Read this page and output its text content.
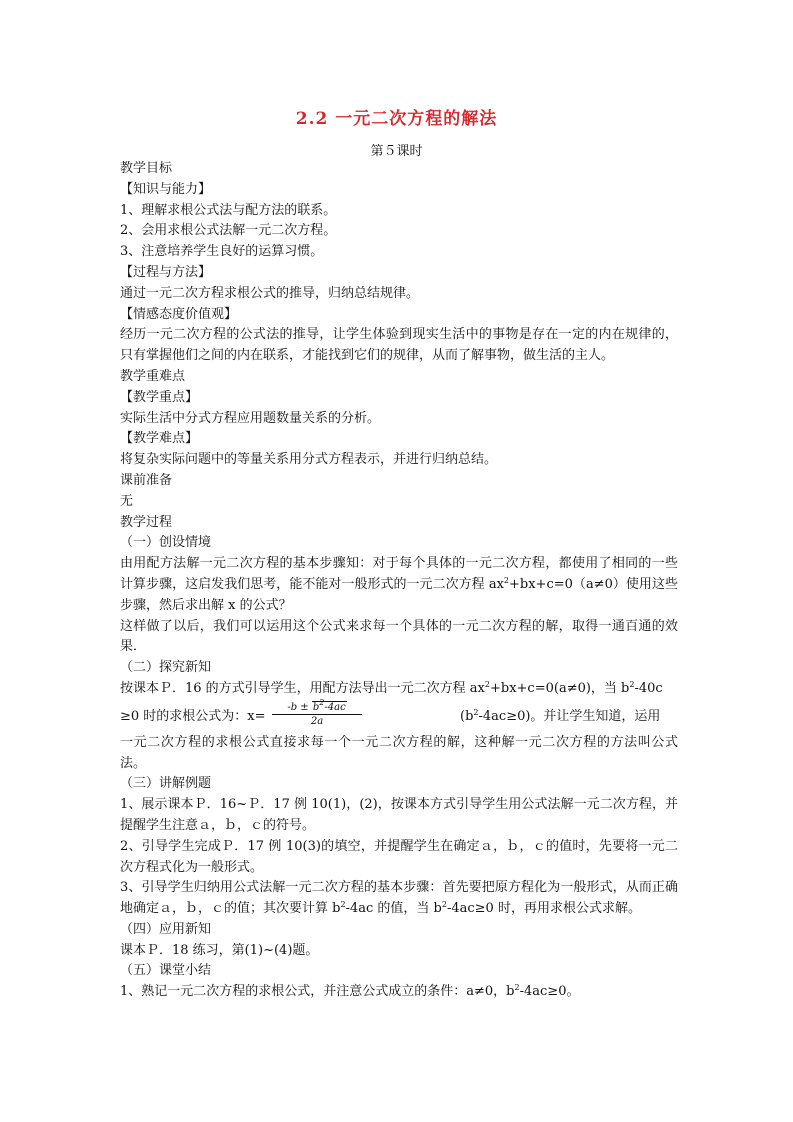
2.2 一元二次方程的解法
第５课时
教学目标
【知识与能力】
1、理解求根公式法与配方法的联系。
2、会用求根公式法解一元二次方程。
3、注意培养学生良好的运算习惯。
【过程与方法】
通过一元二次方程求根公式的推导，归纳总结规律。
【情感态度价值观】
经历一元二次方程的公式法的推导，让学生体验到现实生活中的事物是存在一定的内在规律的，只有掌握他们之间的内在联系，才能找到它们的规律，从而了解事物，做生活的主人。
教学重难点
【教学重点】
实际生活中分式方程应用题数量关系的分析。
【教学难点】
将复杂实际问题中的等量关系用分式方程表示，并进行归纳总结。
课前准备
无
教学过程
（一）创设情境
由用配方法解一元二次方程的基本步骤知：对于每个具体的一元二次方程，都使用了相同的一些计算步骤，这启发我们思考，能不能对一般形式的一元二次方程 $ax^2+bx+c=0(a\ne 0)$使用这些步骤，然后求出解 x 的公式？
这样做了以后，我们可以运用这个公式来求每一个具体的一元二次方程的解，取得一通百通的效果．
（二）探究新知
按课本Ｐ．16 的方式引导学生，用配方法导出一元二次方程 $ax^2+bx+c=0(a\ne 0)$，当 $b^2-40c$
≥0 时的求根公式为：x=
$-b \pm b^2-4ac$
2a	$(b^2-4ac\ge 0)$。并让学生知道，运用
一元二次方程的求根公式直接求每一个一元二次方程的解，这种解一元二次方程的方法叫公式法。
（三）讲解例题
1、展示课本Ｐ．16~Ｐ．17 例 10(1)，(2)，按课本方式引导学生用公式法解一元二次方程，并提醒学生注意ａ，ｂ，ｃ的符号。
2、引导学生完成Ｐ．17 例 10(3)的填空，并提醒学生在确定ａ，ｂ，ｃ的值时，先要将一元二次方程式化为一般形式。
3、引导学生归纳用公式法解一元二次方程的基本步骤：首先要把原方程化为一般形式，从而正确地确定ａ，ｂ，ｃ的值；其次要计算 $b^2-4ac$ 的值，当 $b^2-4ac\ge 0$ 时，再用求根公式求解。
（四）应用新知
课本Ｐ．18 练习，第(1)~(4)题。
（五）课堂小结
1、熟记一元二次方程的求根公式，并注意公式成立的条件：a≠0，$b^2-4ac\ge 0$。
